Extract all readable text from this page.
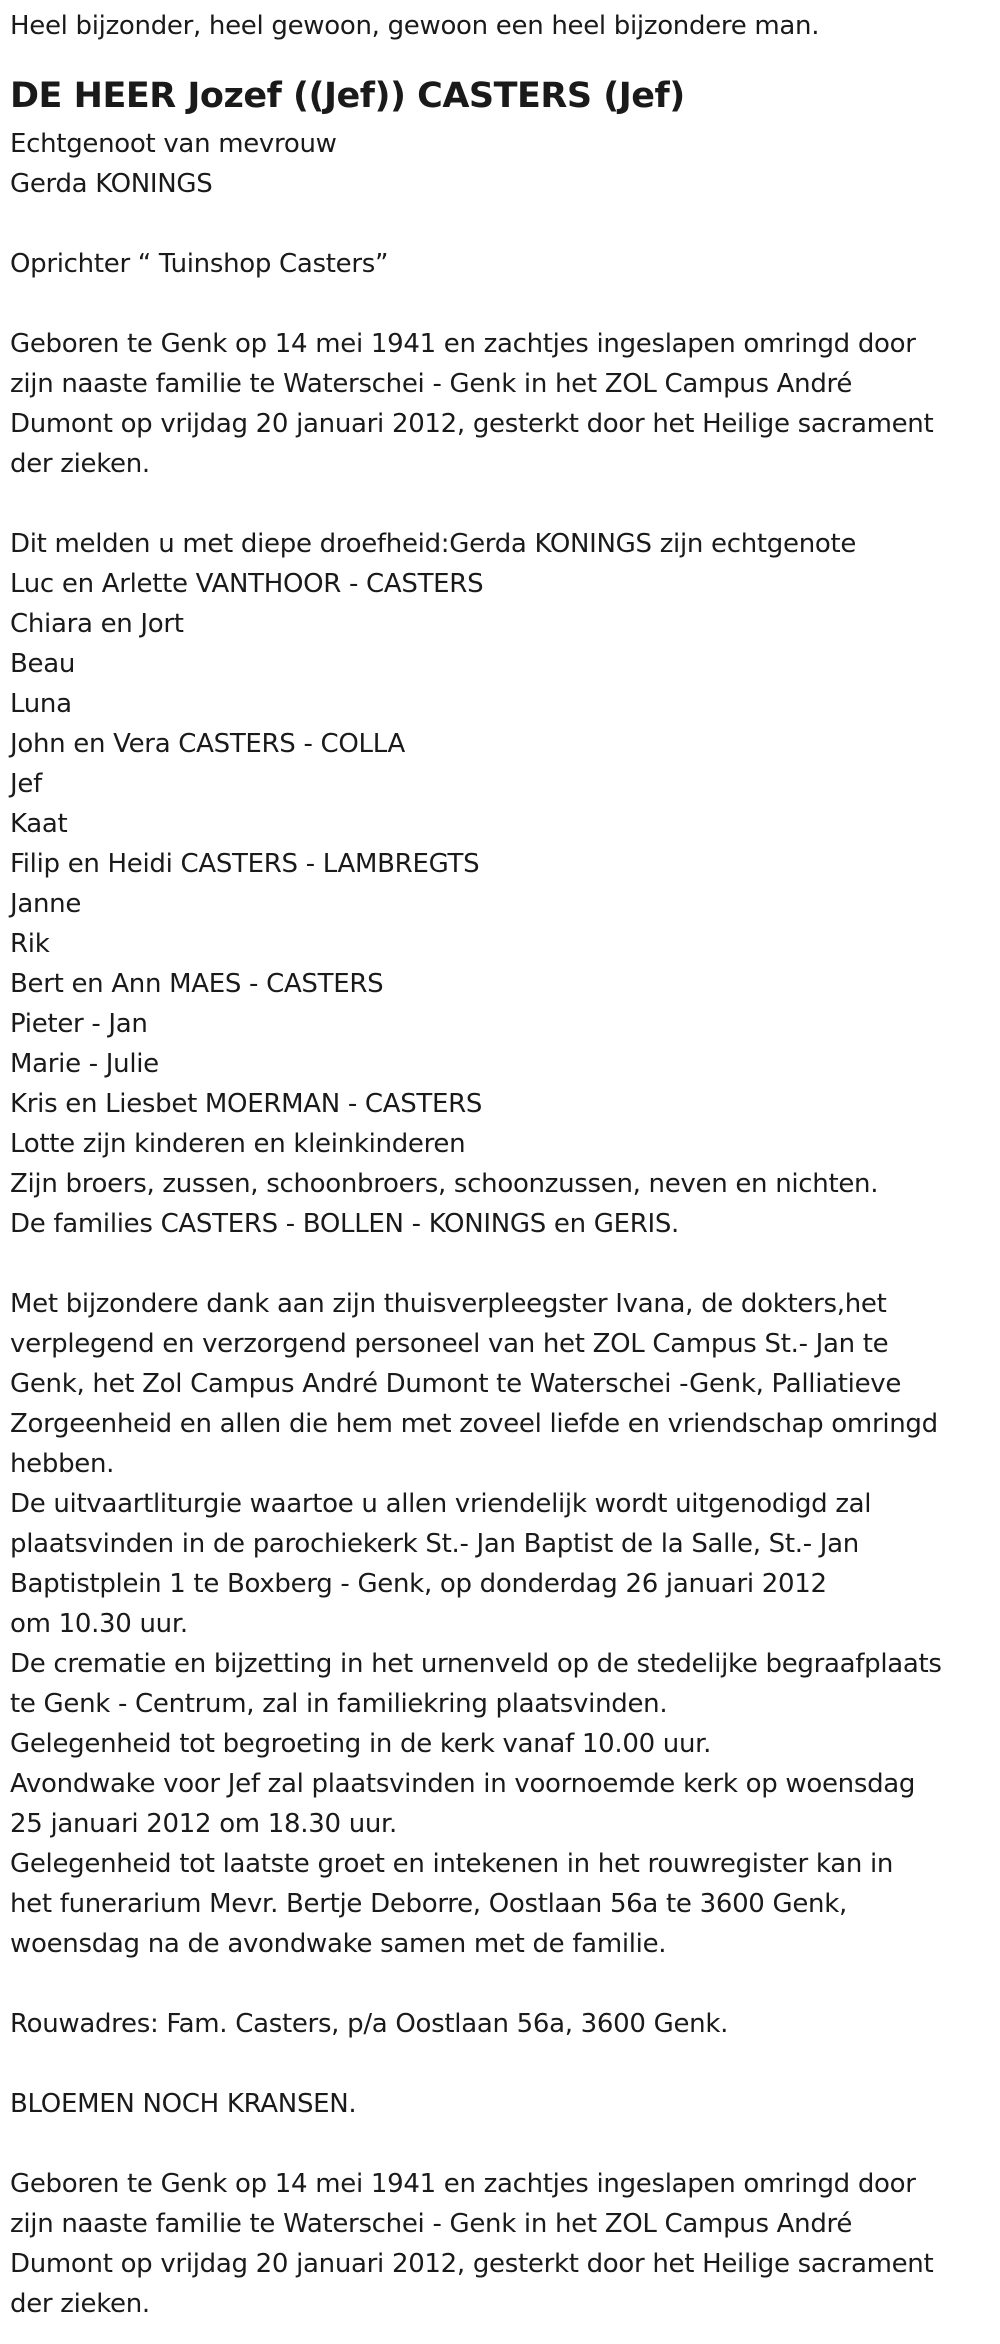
Heel bijzonder, heel gewoon, gewoon een heel bijzondere man.
DE HEER Jozef ((Jef)) CASTERS (Jef)
Echtgenoot van mevrouw
Gerda KONINGS
Oprichter “ Tuinshop Casters”
Geboren te Genk op 14 mei 1941 en zachtjes ingeslapen omringd door
zijn naaste familie te Waterschei - Genk in het ZOL Campus André
Dumont op vrijdag 20 januari 2012, gesterkt door het Heilige sacrament
der zieken.
Dit melden u met diepe droefheid:Gerda KONINGS zijn echtgenote
Luc en Arlette VANTHOOR - CASTERS
Chiara en Jort
Beau
Luna
John en Vera CASTERS - COLLA
Jef
Kaat
Filip en Heidi CASTERS - LAMBREGTS
Janne
Rik
Bert en Ann MAES - CASTERS
Pieter - Jan
Marie - Julie
Kris en Liesbet MOERMAN - CASTERS
Lotte zijn kinderen en kleinkinderen
Zijn broers, zussen, schoonbroers, schoonzussen, neven en nichten.
De families CASTERS - BOLLEN - KONINGS en GERIS.
Met bijzondere dank aan zijn thuisverpleegster Ivana, de dokters,het
verplegend en verzorgend personeel van het ZOL Campus St.- Jan te
Genk, het Zol Campus André Dumont te Waterschei -Genk, Palliatieve
Zorgeenheid en allen die hem met zoveel liefde en vriendschap omringd
hebben.
De uitvaartliturgie waartoe u allen vriendelijk wordt uitgenodigd zal
plaatsvinden in de parochiekerk St.- Jan Baptist de la Salle, St.- Jan
Baptistplein 1 te Boxberg - Genk, op donderdag 26 januari 2012
om 10.30 uur.
De crematie en bijzetting in het urnenveld op de stedelijke begraafplaats
te Genk - Centrum, zal in familiekring plaatsvinden.
Gelegenheid tot begroeting in de kerk vanaf 10.00 uur.
Avondwake voor Jef zal plaatsvinden in voornoemde kerk op woensdag
25 januari 2012 om 18.30 uur.
Gelegenheid tot laatste groet en intekenen in het rouwregister kan in
het funerarium Mevr. Bertje Deborre, Oostlaan 56a te 3600 Genk,
woensdag na de avondwake samen met de familie.
Rouwadres: Fam. Casters, p/a Oostlaan 56a, 3600 Genk.
BLOEMEN NOCH KRANSEN.
Geboren te Genk op 14 mei 1941 en zachtjes ingeslapen omringd door
zijn naaste familie te Waterschei - Genk in het ZOL Campus André
Dumont op vrijdag 20 januari 2012, gesterkt door het Heilige sacrament
der zieken.
